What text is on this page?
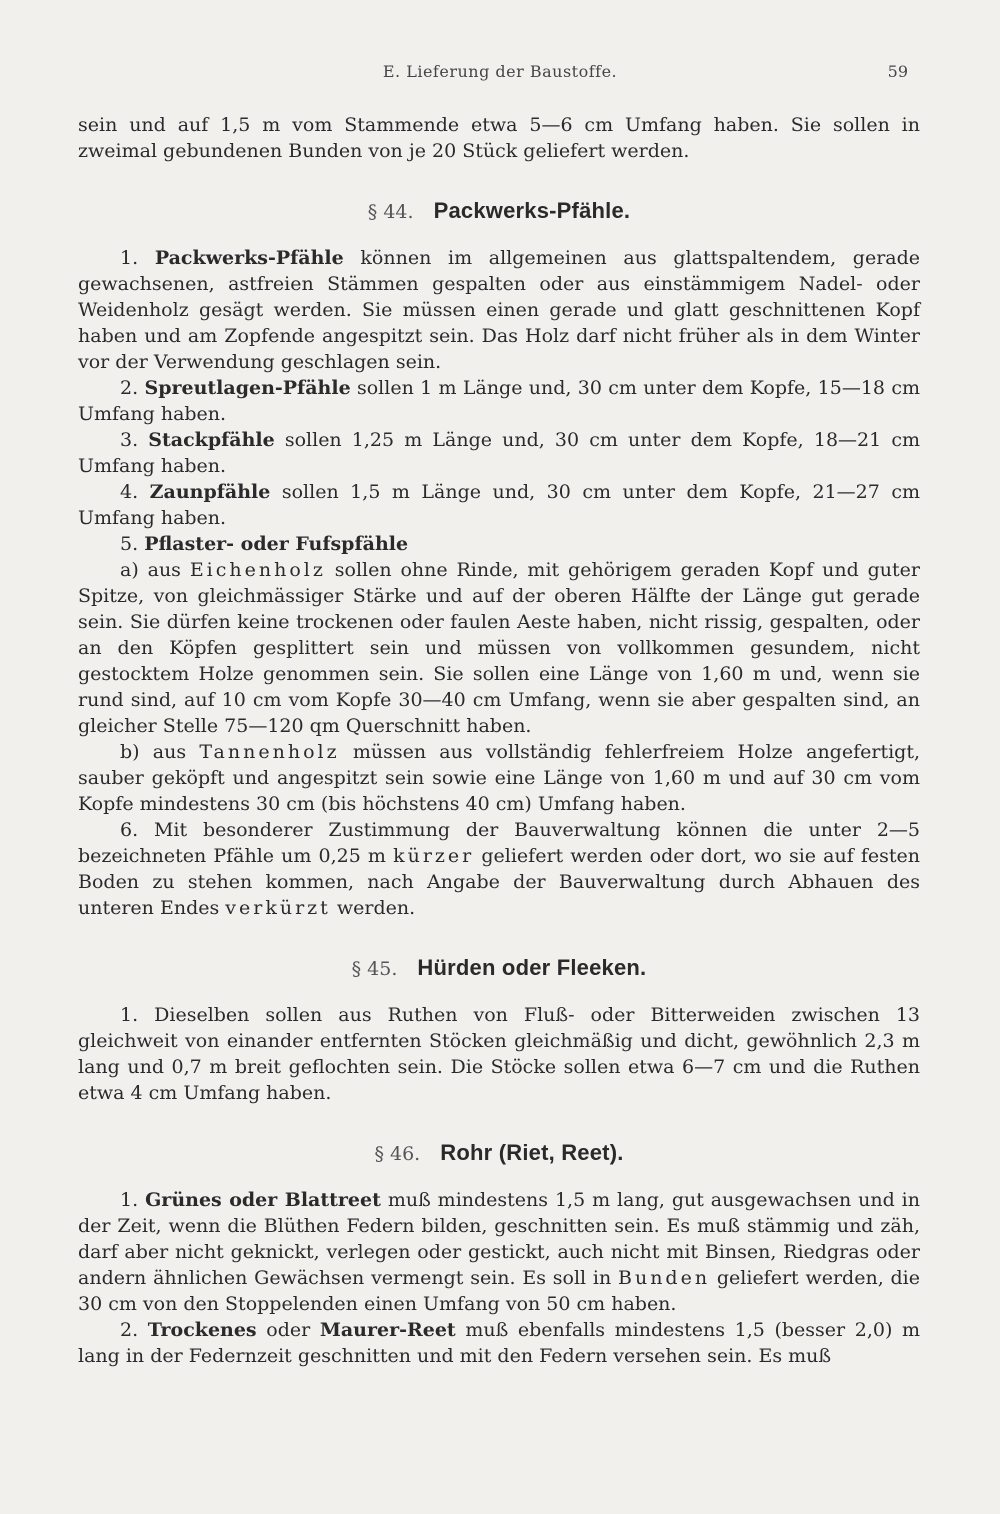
E. Lieferung der Baustoffe.	59

sein und auf 1,5 m vom Stammende etwa 5—6 cm Umfang haben. Sie sollen in zweimal gebundenen Bunden von je 20 Stück geliefert werden.

§ 44. Packwerks-Pfähle.

1. Packwerks-Pfähle können im allgemeinen aus glattspaltendem, gerade gewachsenen, astfreien Stämmen gespalten oder aus einstämmigem Nadel- oder Weidenholz gesägt werden. Sie müssen einen gerade und glatt geschnittenen Kopf haben und am Zopfende angespitzt sein. Das Holz darf nicht früher als in dem Winter vor der Verwendung geschlagen sein.

2. Spreutlagen-Pfähle sollen 1 m Länge und, 30 cm unter dem Kopfe, 15—18 cm Umfang haben.

3. Stackpfähle sollen 1,25 m Länge und, 30 cm unter dem Kopfe, 18—21 cm Umfang haben.

4. Zaunpfähle sollen 1,5 m Länge und, 30 cm unter dem Kopfe, 21—27 cm Umfang haben.

5. Pflaster- oder Fufspfähle

a) aus Eichenholz sollen ohne Rinde, mit gehörigem geraden Kopf und guter Spitze, von gleichmässiger Stärke und auf der oberen Hälfte der Länge gut gerade sein. Sie dürfen keine trockenen oder faulen Aeste haben, nicht rissig, gespalten, oder an den Köpfen gesplittert sein und müssen von vollkommen gesundem, nicht gestocktem Holze genommen sein. Sie sollen eine Länge von 1,60 m und, wenn sie rund sind, auf 10 cm vom Kopfe 30—40 cm Umfang, wenn sie aber gespalten sind, an gleicher Stelle 75—120 qm Querschnitt haben.

b) aus Tannenholz müssen aus vollständig fehlerfreiem Holze angefertigt, sauber geköpft und angespitzt sein sowie eine Länge von 1,60 m und auf 30 cm vom Kopfe mindestens 30 cm (bis höchstens 40 cm) Umfang haben.

6. Mit besonderer Zustimmung der Bauverwaltung können die unter 2—5 bezeichneten Pfähle um 0,25 m kürzer geliefert werden oder dort, wo sie auf festen Boden zu stehen kommen, nach Angabe der Bauverwaltung durch Abhauen des unteren Endes verkürzt werden.

§ 45. Hürden oder Fleeken.

1. Dieselben sollen aus Ruthen von Fluß- oder Bitterweiden zwischen 13 gleichweit von einander entfernten Stöcken gleichmäßig und dicht, gewöhnlich 2,3 m lang und 0,7 m breit geflochten sein. Die Stöcke sollen etwa 6—7 cm und die Ruthen etwa 4 cm Umfang haben.

§ 46. Rohr (Riet, Reet).

1. Grünes oder Blattreet muß mindestens 1,5 m lang, gut ausgewachsen und in der Zeit, wenn die Blüthen Federn bilden, geschnitten sein. Es muß stämmig und zäh, darf aber nicht geknickt, verlegen oder gestickt, auch nicht mit Binsen, Riedgras oder andern ähnlichen Gewächsen vermengt sein. Es soll in Bunden geliefert werden, die 30 cm von den Stoppelenden einen Umfang von 50 cm haben.

2. Trockenes oder Maurer-Reet muß ebenfalls mindestens 1,5 (besser 2,0) m lang in der Federnzeit geschnitten und mit den Federn versehen sein. Es muß
